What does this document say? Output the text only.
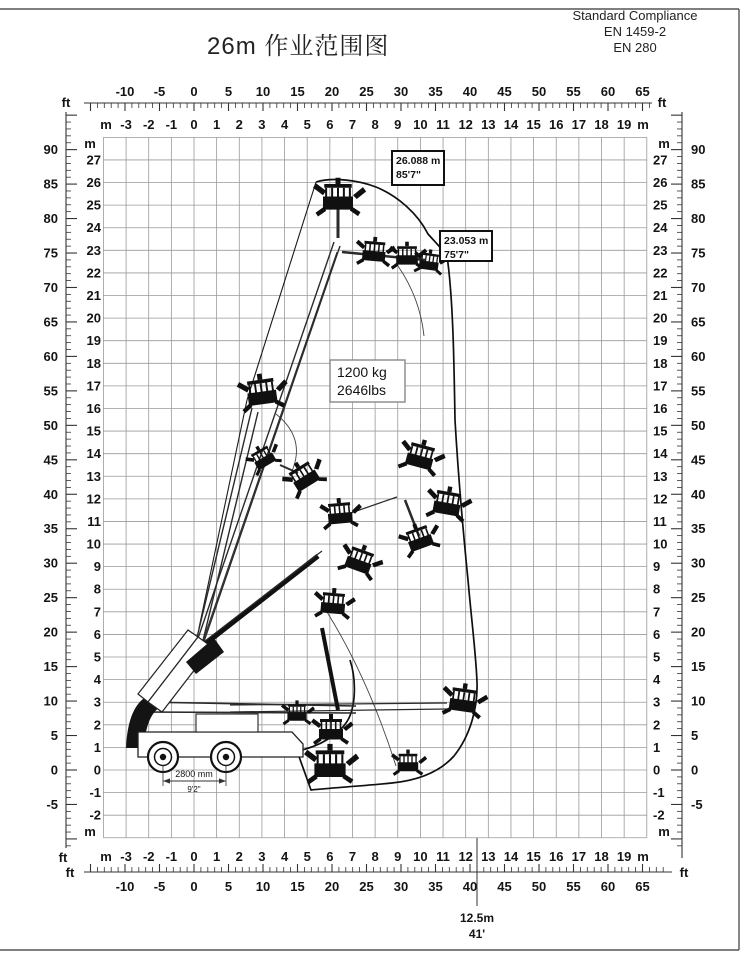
26m 作业范围图
Standard Compliance
EN 1459-2
EN 280
2800 mm
9'2"
-10 -5 0 5 10 15 20 25 30 35 40 45 50 55 60 65
ft	ft
-3 -2 -1 0 1 2 3 4 5 6 7 8 9 10 11 12 13 14 15 16 17 18 19
m	m
-3 -2 -1 0 1 2 3 4 5 6 7 8 9 10 11 12 13 14 15 16 17 18 19
m	m
-10 -5 0 5 10 15 20 25 30 35 40 45 50 55 60 65
ft	ft
-5
0
5
10
15
20
25
30
35
40
45
50
55
60
65
70
75
80
85
90
ft
-2
-1
0
1
2
3
4
5
6
7
8
9
10
11
12
13
14
15
16
17
18
19
20
21
22
23
24
25
26
27
m
m
-5
0
5
10
15
20
25
30
35
40
45
50
55
60
65
70
75
80
85
90
-2
-1
0
1
2
3
4
5
6
7
8
9
10
11
12
13
14
15
16
17
18
19
20
21
22
23
24
25
26
27
m
m
26.088 m
85'7"
23.053 m
75'7"
1200 kg
2646lbs
12.5m
41'
